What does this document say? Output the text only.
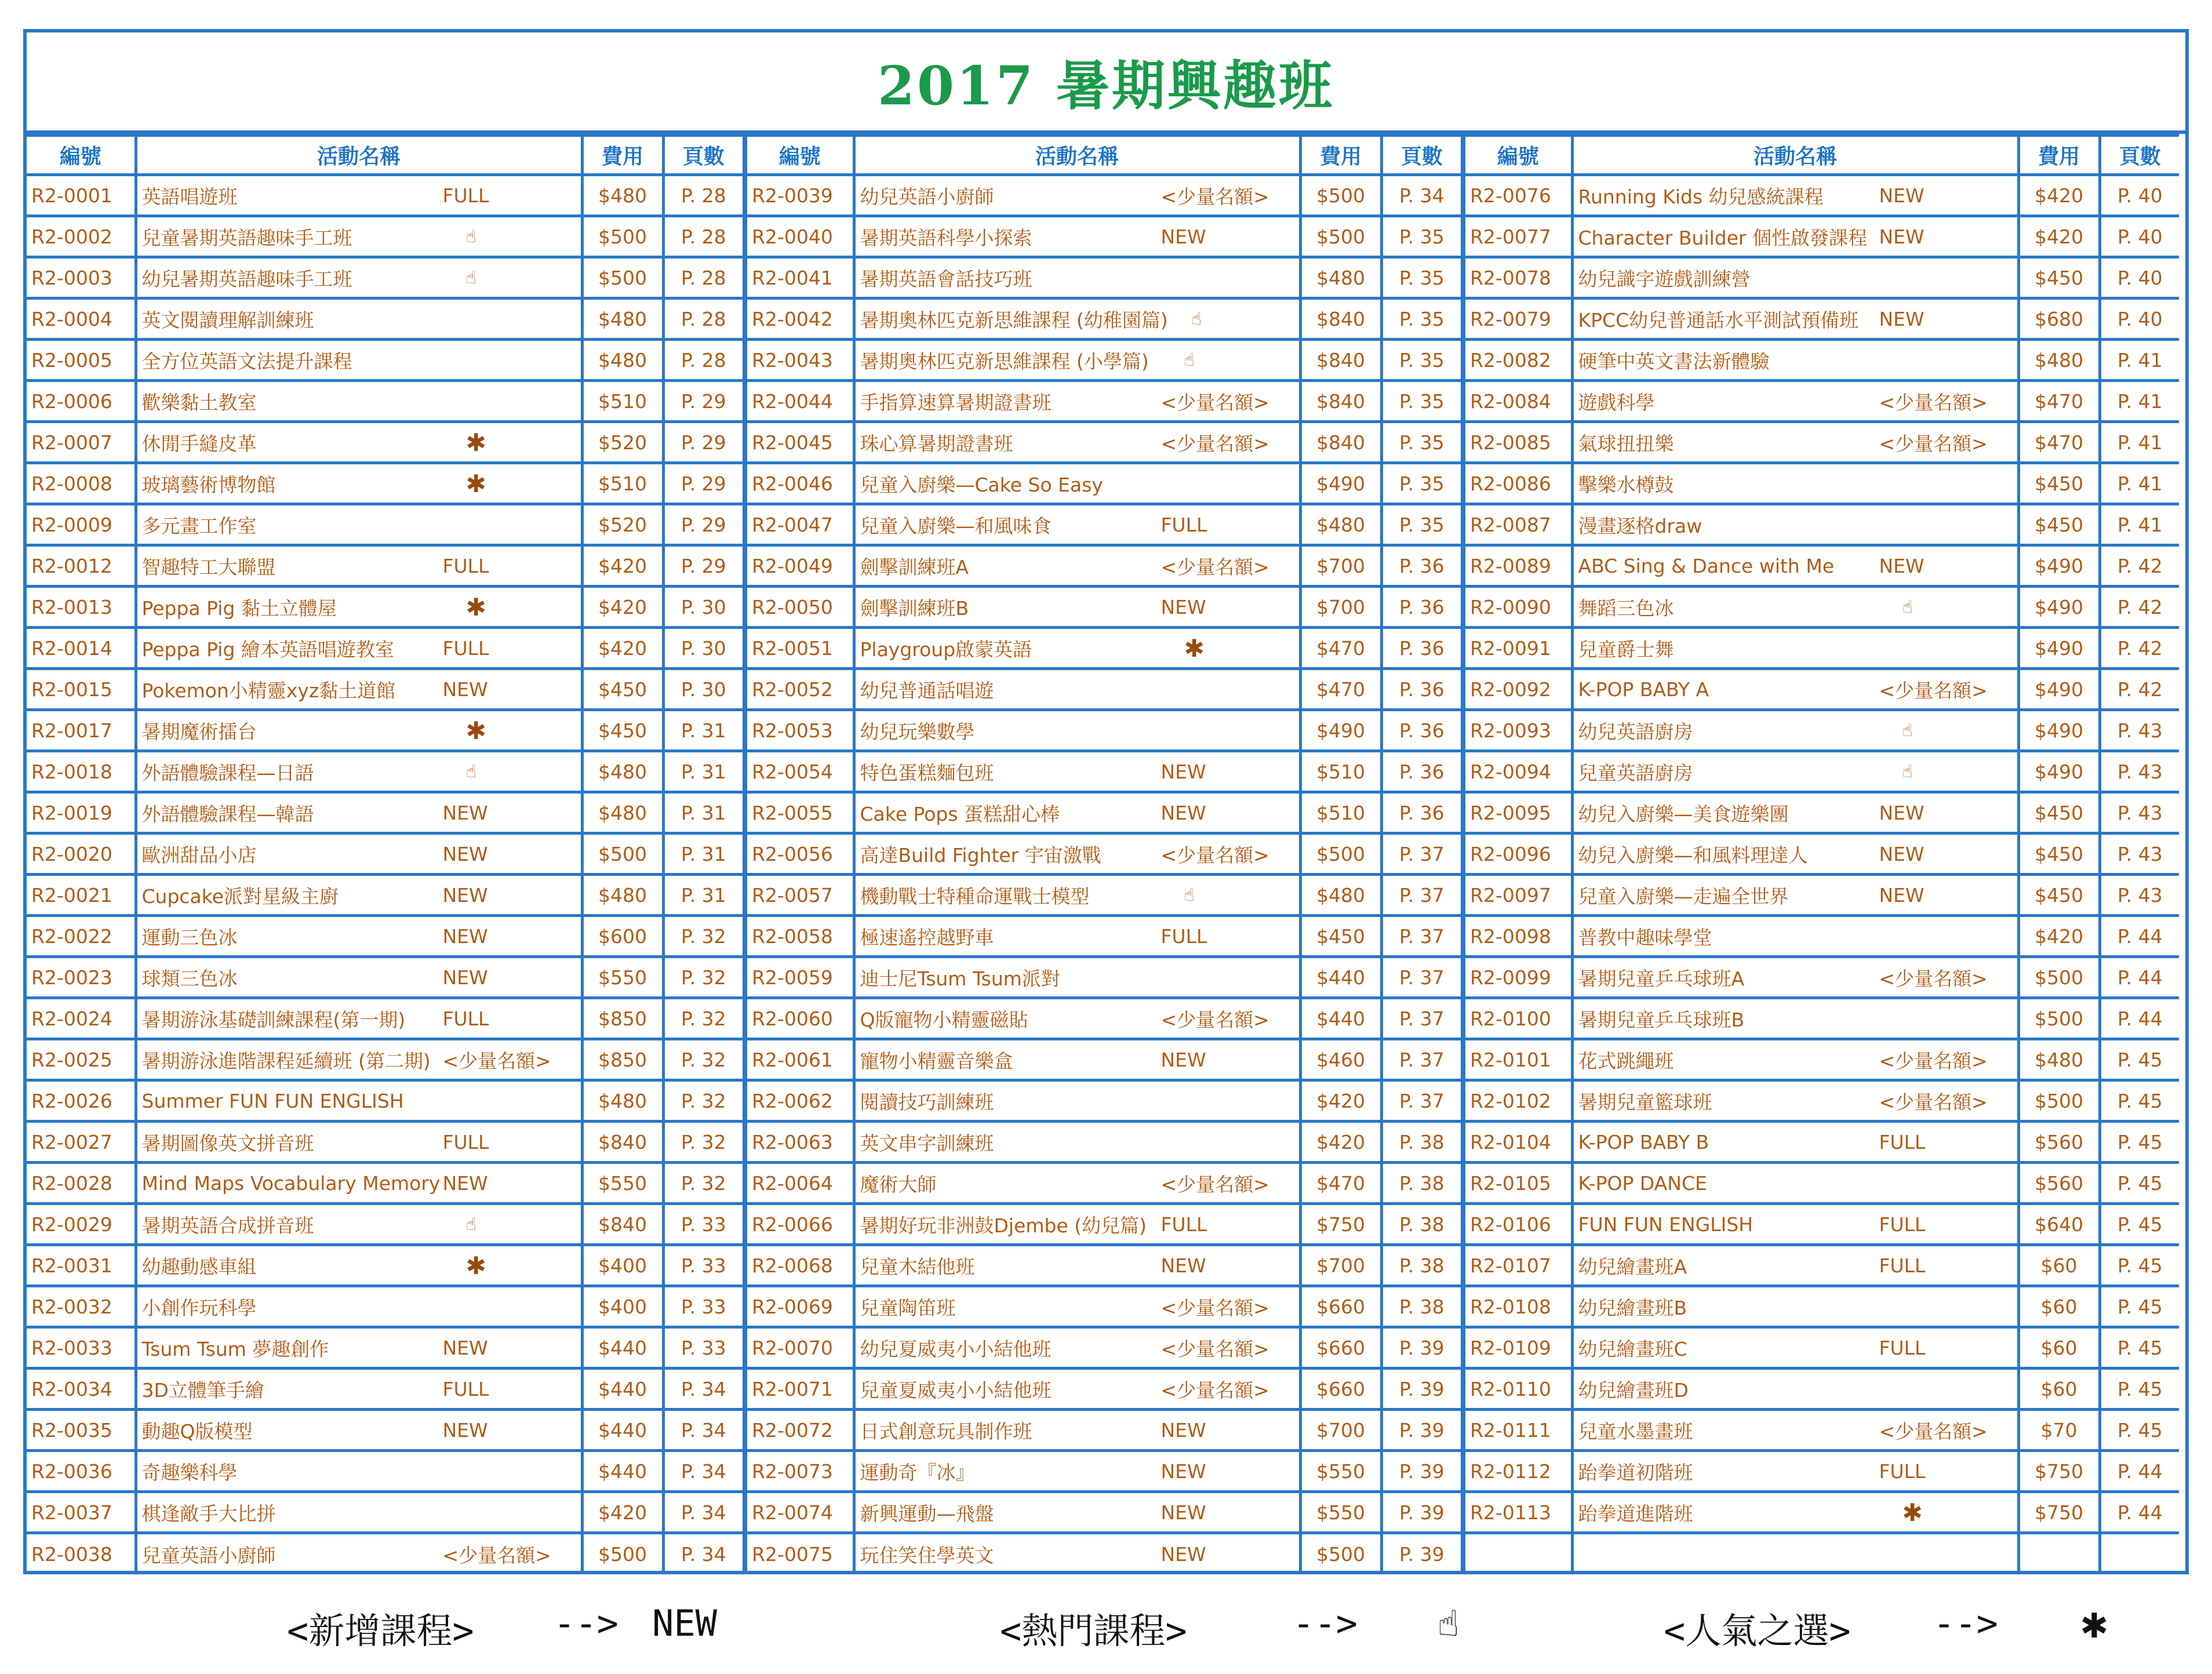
2017 暑期興趣班
編號	活動名稱	費用	頁數
R2-0001	英語唱遊班 FULL	$480	P. 28
R2-0002	兒童暑期英語趣味手工班 ☝	$500	P. 28
R2-0003	幼兒暑期英語趣味手工班 ☝	$500	P. 28
R2-0004	英文閱讀理解訓練班	$480	P. 28
R2-0005	全方位英語文法提升課程	$480	P. 28
R2-0006	歡樂黏土教室	$510	P. 29
R2-0007	休閒手縫皮革 ✱	$520	P. 29
R2-0008	玻璃藝術博物館 ✱	$510	P. 29
R2-0009	多元畫工作室	$520	P. 29
R2-0012	智趣特工大聯盟 FULL	$420	P. 29
R2-0013	Peppa Pig 黏土立體屋 ✱	$420	P. 30
R2-0014	Peppa Pig 繪本英語唱遊教室 FULL	$420	P. 30
R2-0015	Pokemon小精靈xyz黏土道館 NEW	$450	P. 30
R2-0017	暑期魔術擂台 ✱	$450	P. 31
R2-0018	外語體驗課程—日語 ☝	$480	P. 31
R2-0019	外語體驗課程—韓語 NEW	$480	P. 31
R2-0020	歐洲甜品小店 NEW	$500	P. 31
R2-0021	Cupcake派對星級主廚 NEW	$480	P. 31
R2-0022	運動三色冰 NEW	$600	P. 32
R2-0023	球類三色冰 NEW	$550	P. 32
R2-0024	暑期游泳基礎訓練課程(第一期) FULL	$850	P. 32
R2-0025	暑期游泳進階課程延續班 (第二期) <少量名額>	$850	P. 32
R2-0026	Summer FUN FUN ENGLISH	$480	P. 32
R2-0027	暑期圖像英文拼音班 FULL	$840	P. 32
R2-0028	Mind Maps Vocabulary Memory NEW	$550	P. 32
R2-0029	暑期英語合成拼音班 ☝	$840	P. 33
R2-0031	幼趣動感車組 ✱	$400	P. 33
R2-0032	小創作玩科學	$400	P. 33
R2-0033	Tsum Tsum 夢趣創作 NEW	$440	P. 33
R2-0034	3D立體筆手繪 FULL	$440	P. 34
R2-0035	動趣Q版模型 NEW	$440	P. 34
R2-0036	奇趣樂科學	$440	P. 34
R2-0037	棋逢敵手大比拼	$420	P. 34
R2-0038	兒童英語小廚師 <少量名額>	$500	P. 34
編號	活動名稱	費用	頁數
R2-0039	幼兒英語小廚師 <少量名額>	$500	P. 34
R2-0040	暑期英語科學小探索 NEW	$500	P. 35
R2-0041	暑期英語會話技巧班	$480	P. 35
R2-0042	暑期奧林匹克新思維課程 (幼稚園篇) ☝	$840	P. 35
R2-0043	暑期奧林匹克新思維課程 (小學篇) ☝	$840	P. 35
R2-0044	手指算速算暑期證書班 <少量名額>	$840	P. 35
R2-0045	珠心算暑期證書班 <少量名額>	$840	P. 35
R2-0046	兒童入廚樂—Cake So Easy	$490	P. 35
R2-0047	兒童入廚樂—和風味食 FULL	$480	P. 35
R2-0049	劍擊訓練班A <少量名額>	$700	P. 36
R2-0050	劍擊訓練班B NEW	$700	P. 36
R2-0051	Playgroup啟蒙英語 ✱	$470	P. 36
R2-0052	幼兒普通話唱遊	$470	P. 36
R2-0053	幼兒玩樂數學	$490	P. 36
R2-0054	特色蛋糕麵包班 NEW	$510	P. 36
R2-0055	Cake Pops 蛋糕甜心棒 NEW	$510	P. 36
R2-0056	高達Build Fighter 宇宙激戰 <少量名額>	$500	P. 37
R2-0057	機動戰士特種命運戰士模型 ☝	$480	P. 37
R2-0058	極速遙控越野車 FULL	$450	P. 37
R2-0059	迪士尼Tsum Tsum派對	$440	P. 37
R2-0060	Q版寵物小精靈磁貼 <少量名額>	$440	P. 37
R2-0061	寵物小精靈音樂盒 NEW	$460	P. 37
R2-0062	閱讀技巧訓練班	$420	P. 37
R2-0063	英文串字訓練班	$420	P. 38
R2-0064	魔術大師 <少量名額>	$470	P. 38
R2-0066	暑期好玩非洲鼓Djembe (幼兒篇) FULL	$750	P. 38
R2-0068	兒童木結他班 NEW	$700	P. 38
R2-0069	兒童陶笛班 <少量名額>	$660	P. 38
R2-0070	幼兒夏威夷小小結他班 <少量名額>	$660	P. 39
R2-0071	兒童夏威夷小小結他班 <少量名額>	$660	P. 39
R2-0072	日式創意玩具制作班 NEW	$700	P. 39
R2-0073	運動奇『冰』 NEW	$550	P. 39
R2-0074	新興運動—飛盤 NEW	$550	P. 39
R2-0075	玩住笑住學英文 NEW	$500	P. 39
編號	活動名稱	費用	頁數
R2-0076	Running Kids 幼兒感統課程 NEW	$420	P. 40
R2-0077	Character Builder 個性啟發課程 NEW	$420	P. 40
R2-0078	幼兒識字遊戲訓練營	$450	P. 40
R2-0079	KPCC幼兒普通話水平測試預備班 NEW	$680	P. 40
R2-0082	硬筆中英文書法新體驗	$480	P. 41
R2-0084	遊戲科學 <少量名額>	$470	P. 41
R2-0085	氣球扭扭樂 <少量名額>	$470	P. 41
R2-0086	擊樂水樽鼓	$450	P. 41
R2-0087	漫畫逐格draw	$450	P. 41
R2-0089	ABC Sing & Dance with Me NEW	$490	P. 42
R2-0090	舞蹈三色冰 ☝	$490	P. 42
R2-0091	兒童爵士舞	$490	P. 42
R2-0092	K-POP BABY A <少量名額>	$490	P. 42
R2-0093	幼兒英語廚房 ☝	$490	P. 43
R2-0094	兒童英語廚房 ☝	$490	P. 43
R2-0095	幼兒入廚樂—美食遊樂團 NEW	$450	P. 43
R2-0096	幼兒入廚樂—和風料理達人 NEW	$450	P. 43
R2-0097	兒童入廚樂—走遍全世界 NEW	$450	P. 43
R2-0098	普教中趣味學堂	$420	P. 44
R2-0099	暑期兒童乒乓球班A <少量名額>	$500	P. 44
R2-0100	暑期兒童乒乓球班B	$500	P. 44
R2-0101	花式跳繩班 <少量名額>	$480	P. 45
R2-0102	暑期兒童籃球班 <少量名額>	$500	P. 45
R2-0104	K-POP BABY B FULL	$560	P. 45
R2-0105	K-POP DANCE	$560	P. 45
R2-0106	FUN FUN ENGLISH FULL	$640	P. 45
R2-0107	幼兒繪畫班A FULL	$60	P. 45
R2-0108	幼兒繪畫班B	$60	P. 45
R2-0109	幼兒繪畫班C FULL	$60	P. 45
R2-0110	幼兒繪畫班D	$60	P. 45
R2-0111	兒童水墨畫班 <少量名額>	$70	P. 45
R2-0112	跆拳道初階班 FULL	$750	P. 44
R2-0113	跆拳道進階班 ✱	$750	P. 44

<新增課程> --> NEW	<熱門課程>	--> ☝	<人氣之選> --> ✱
